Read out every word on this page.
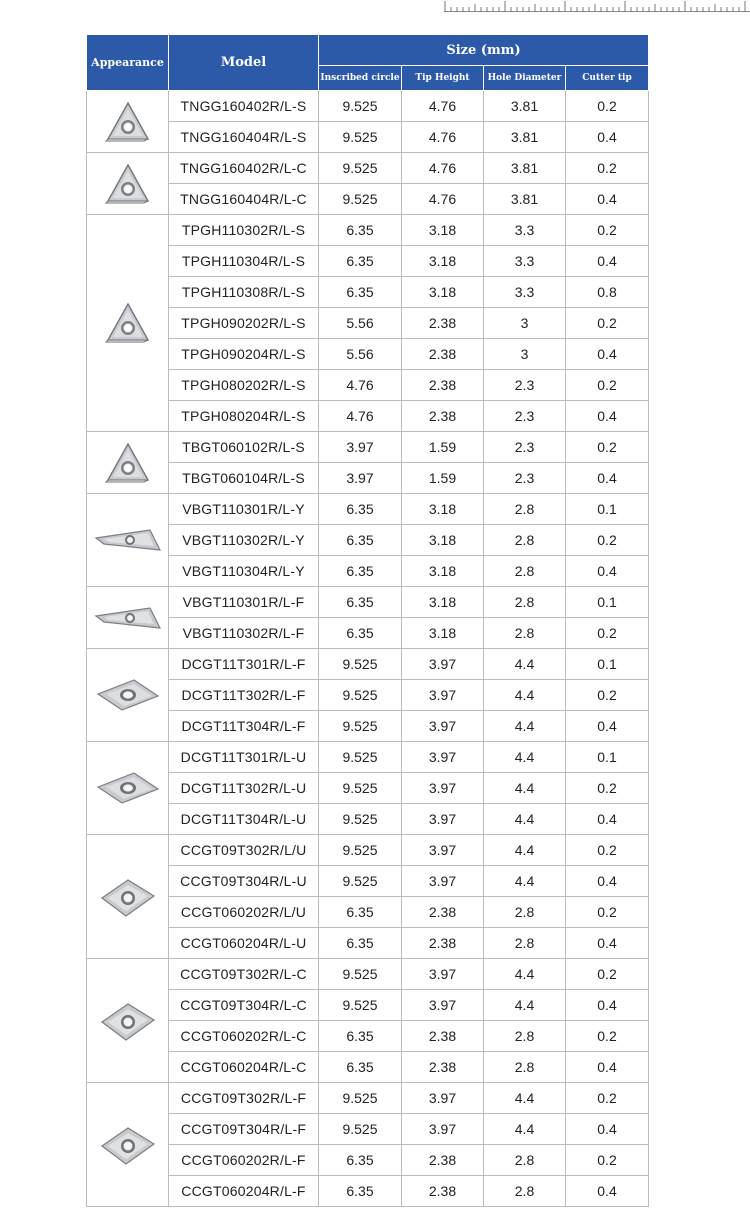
Appearance	Model	Size (mm)			
		Inscribed circle	Tip Height	Hole Diameter	Cutter tip

	TNGG160402R/L-S	9.525	4.76	3.81	0.2
	TNGG160404R/L-S	9.525	4.76	3.81	0.4

	TNGG160402R/L-C	9.525	4.76	3.81	0.2
	TNGG160404R/L-C	9.525	4.76	3.81	0.4

	TPGH110302R/L-S	6.35	3.18	3.3	0.2
	TPGH110304R/L-S	6.35	3.18	3.3	0.4
	TPGH110308R/L-S	6.35	3.18	3.3	0.8
	TPGH090202R/L-S	5.56	2.38	3	0.2
	TPGH090204R/L-S	5.56	2.38	3	0.4
	TPGH080202R/L-S	4.76	2.38	2.3	0.2
	TPGH080204R/L-S	4.76	2.38	2.3	0.4

	TBGT060102R/L-S	3.97	1.59	2.3	0.2
	TBGT060104R/L-S	3.97	1.59	2.3	0.4

	VBGT110301R/L-Y	6.35	3.18	2.8	0.1
	VBGT110302R/L-Y	6.35	3.18	2.8	0.2
	VBGT110304R/L-Y	6.35	3.18	2.8	0.4

	VBGT110301R/L-F	6.35	3.18	2.8	0.1
	VBGT110302R/L-F	6.35	3.18	2.8	0.2

	DCGT11T301R/L-F	9.525	3.97	4.4	0.1
	DCGT11T302R/L-F	9.525	3.97	4.4	0.2
	DCGT11T304R/L-F	9.525	3.97	4.4	0.4

	DCGT11T301R/L-U	9.525	3.97	4.4	0.1
	DCGT11T302R/L-U	9.525	3.97	4.4	0.2
	DCGT11T304R/L-U	9.525	3.97	4.4	0.4

	CCGT09T302R/L/U	9.525	3.97	4.4	0.2
	CCGT09T304R/L-U	9.525	3.97	4.4	0.4
	CCGT060202R/L/U	6.35	2.38	2.8	0.2
	CCGT060204R/L-U	6.35	2.38	2.8	0.4

	CCGT09T302R/L-C	9.525	3.97	4.4	0.2
	CCGT09T304R/L-C	9.525	3.97	4.4	0.4
	CCGT060202R/L-C	6.35	2.38	2.8	0.2
	CCGT060204R/L-C	6.35	2.38	2.8	0.4

	CCGT09T302R/L-F	9.525	3.97	4.4	0.2
	CCGT09T304R/L-F	9.525	3.97	4.4	0.4
	CCGT060202R/L-F	6.35	2.38	2.8	0.2
	CCGT060204R/L-F	6.35	2.38	2.8	0.4
